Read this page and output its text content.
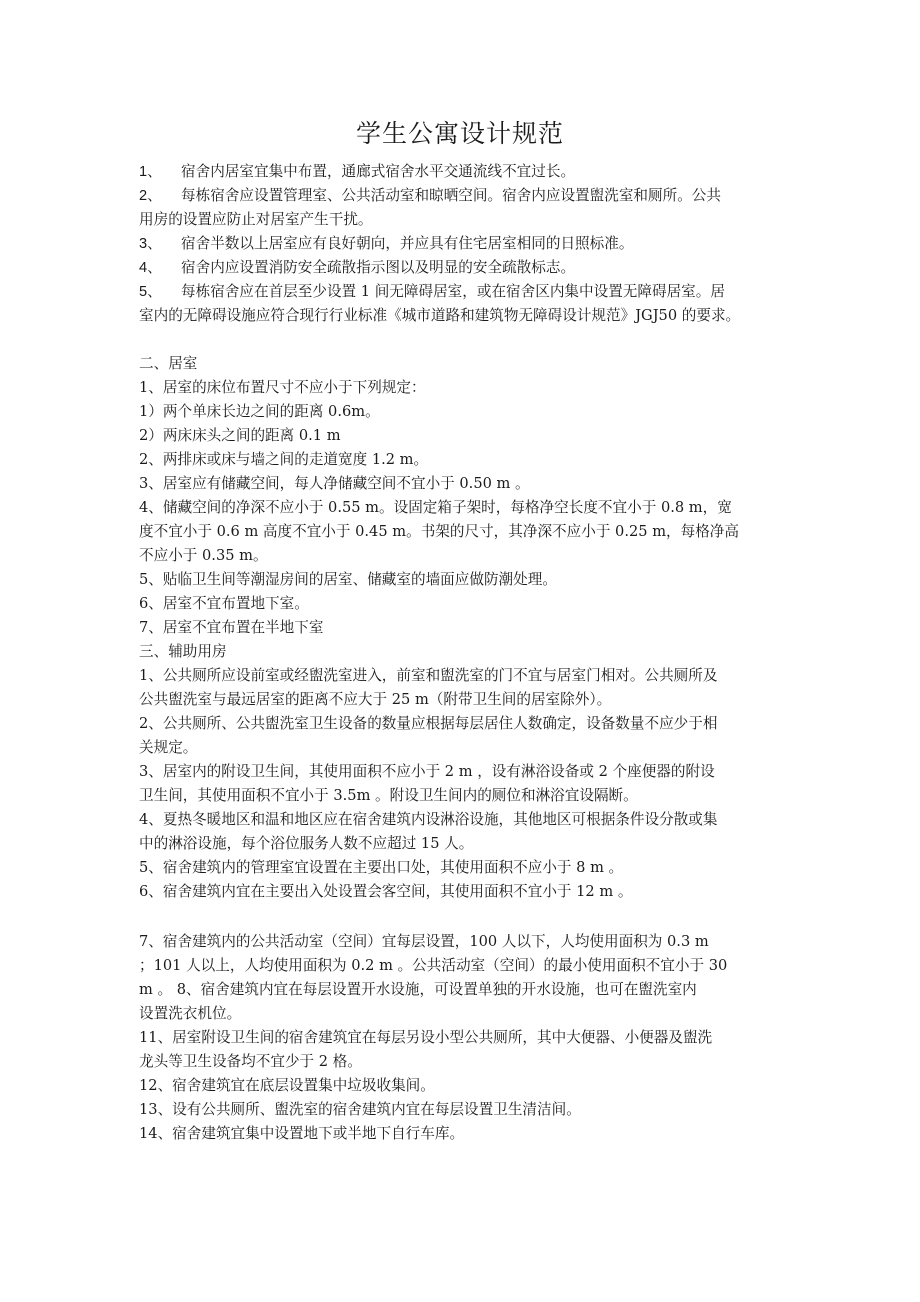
学生公寓设计规范
1、 宿舍内居室宜集中布置，通廊式宿舍水平交通流线不宜过长。
2、 每栋宿舍应设置管理室、公共活动室和晾晒空间。宿舍内应设置盥洗室和厕所。公共
用房的设置应防止对居室产生干扰。
3、 宿舍半数以上居室应有良好朝向，并应具有住宅居室相同的日照标准。
4、 宿舍内应设置消防安全疏散指示图以及明显的安全疏散标志。
5、 每栋宿舍应在首层至少设置 1 间无障碍居室，或在宿舍区内集中设置无障碍居室。居
室内的无障碍设施应符合现行行业标准《城市道路和建筑物无障碍设计规范》JGJ50 的要求。
二、居室
1、居室的床位布置尺寸不应小于下列规定：
1）两个单床长边之间的距离 0.6m。
2）两床床头之间的距离 0.1 m
2、两排床或床与墙之间的走道宽度 1.2 m。
3、居室应有储藏空间，每人净储藏空间不宜小于 0.50 m 。
4、储藏空间的净深不应小于 0.55 m。设固定箱子架时，每格净空长度不宜小于 0.8 m，宽
度不宜小于 0.6 m 高度不宜小于 0.45 m。书架的尺寸，其净深不应小于 0.25 m，每格净高
不应小于 0.35 m。
5、贴临卫生间等潮湿房间的居室、储藏室的墙面应做防潮处理。
6、居室不宜布置地下室。
7、居室不宜布置在半地下室
三、辅助用房
1、公共厕所应设前室或经盥洗室进入，前室和盥洗室的门不宜与居室门相对。公共厕所及
公共盥洗室与最远居室的距离不应大于 25 m（附带卫生间的居室除外）。
2、公共厕所、公共盥洗室卫生设备的数量应根据每层居住人数确定，设备数量不应少于相
关规定。
3、居室内的附设卫生间，其使用面积不应小于 2 m ，设有淋浴设备或 2 个座便器的附设
卫生间，其使用面积不宜小于 3.5m 。附设卫生间内的厕位和淋浴宜设隔断。
4、夏热冬暖地区和温和地区应在宿舍建筑内设淋浴设施，其他地区可根据条件设分散或集
中的淋浴设施，每个浴位服务人数不应超过 15 人。
5、宿舍建筑内的管理室宜设置在主要出口处，其使用面积不应小于 8 m 。
6、宿舍建筑内宜在主要出入处设置会客空间，其使用面积不宜小于 12 m 。
7、宿舍建筑内的公共活动室（空间）宜每层设置，100 人以下，人均使用面积为 0.3 m
；101 人以上，人均使用面积为 0.2 m 。公共活动室（空间）的最小使用面积不宜小于 30
m 。 8、宿舍建筑内宜在每层设置开水设施，可设置单独的开水设施，也可在盥洗室内
设置洗衣机位。
11、居室附设卫生间的宿舍建筑宜在每层另设小型公共厕所，其中大便器、小便器及盥洗
龙头等卫生设备均不宜少于 2 格。
12、宿舍建筑宜在底层设置集中垃圾收集间。
13、设有公共厕所、盥洗室的宿舍建筑内宜在每层设置卫生清洁间。
14、宿舍建筑宜集中设置地下或半地下自行车库。
